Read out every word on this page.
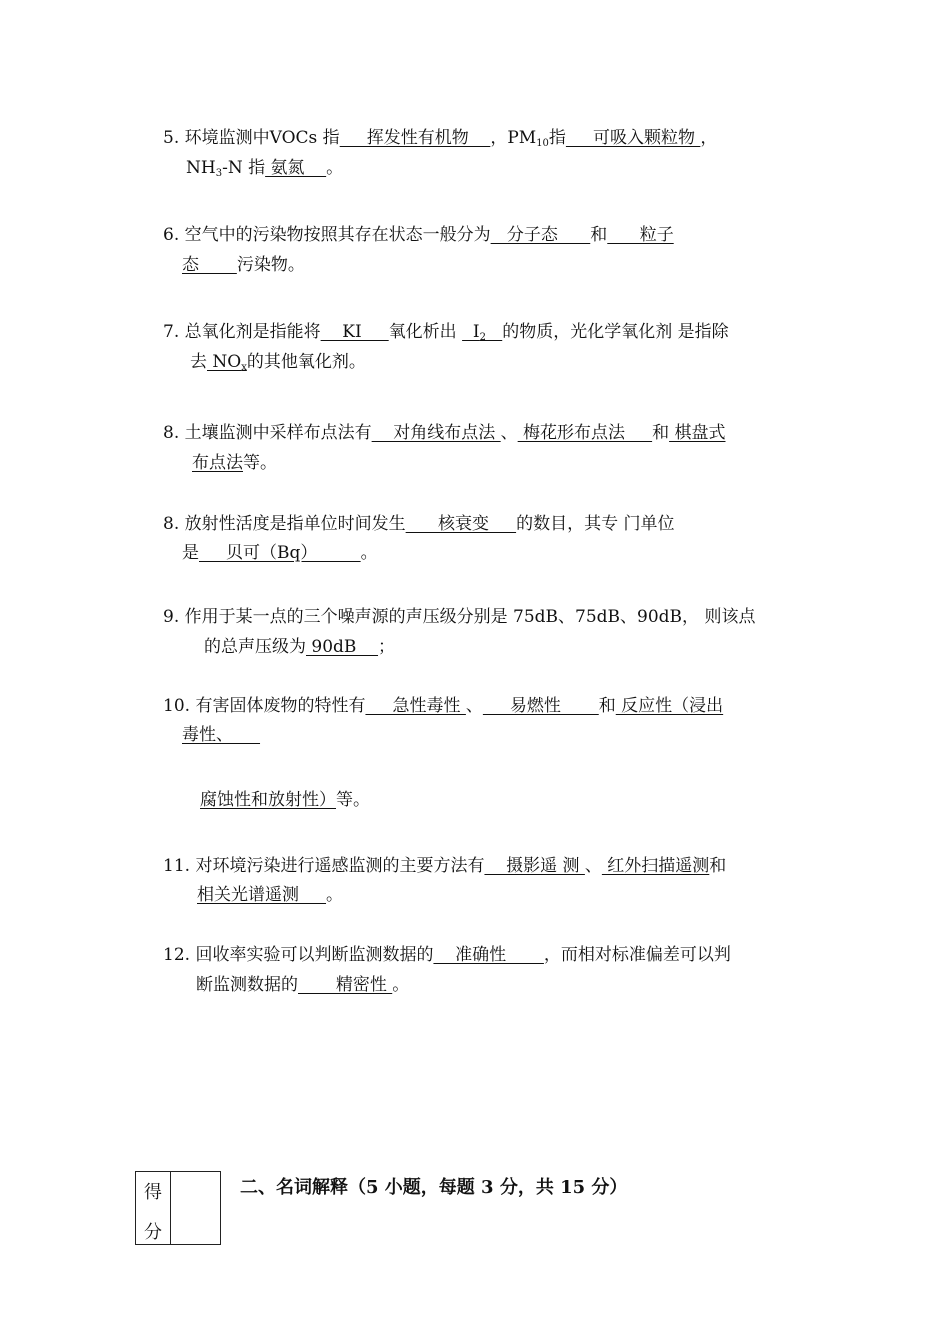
5. 环境监测中VOCs 指     挥发性有机物    ，$PM_{10}$指     可吸入颗粒物 ，
$NH_3-N$ 指 氨氮    。
6. 空气中的污染物按照其存在状态一般分为   分子态      和      粒子
态       污染物。
7. 总氧化剂是指能将    KI     氧化析出   $I_2$ 的物质，光化学氧化剂 是指除
去 $NO_x$的其他氧化剂。
8. 土壤监测中采样布点法有    对角线布点法 、 梅花形布点法     和 棋盘式
布点法等。
8. 放射性活度是指单位时间发生      核衰变     的数目，其专 门单位
是     贝可（Bq）        。
9. 作用于某一点的三个噪声源的声压级分别是 75dB、75dB、90dB， 则该点
的总声压级为 90dB    ；
10. 有害固体废物的特性有     急性毒性 、     易燃性       和 反应性（浸出
毒性、
腐蚀性和放射性）等。
11. 对环境污染进行遥感监测的主要方法有    摄影遥 测 、 红外扫描遥测和
相关光谱遥测     。
12. 回收率实验可以判断监测数据的    准确性       ，而相对标准偏差可以判
断监测数据的       精密性 。
得
分
二、名词解释（5 小题，每题 3 分，共 15 分）
